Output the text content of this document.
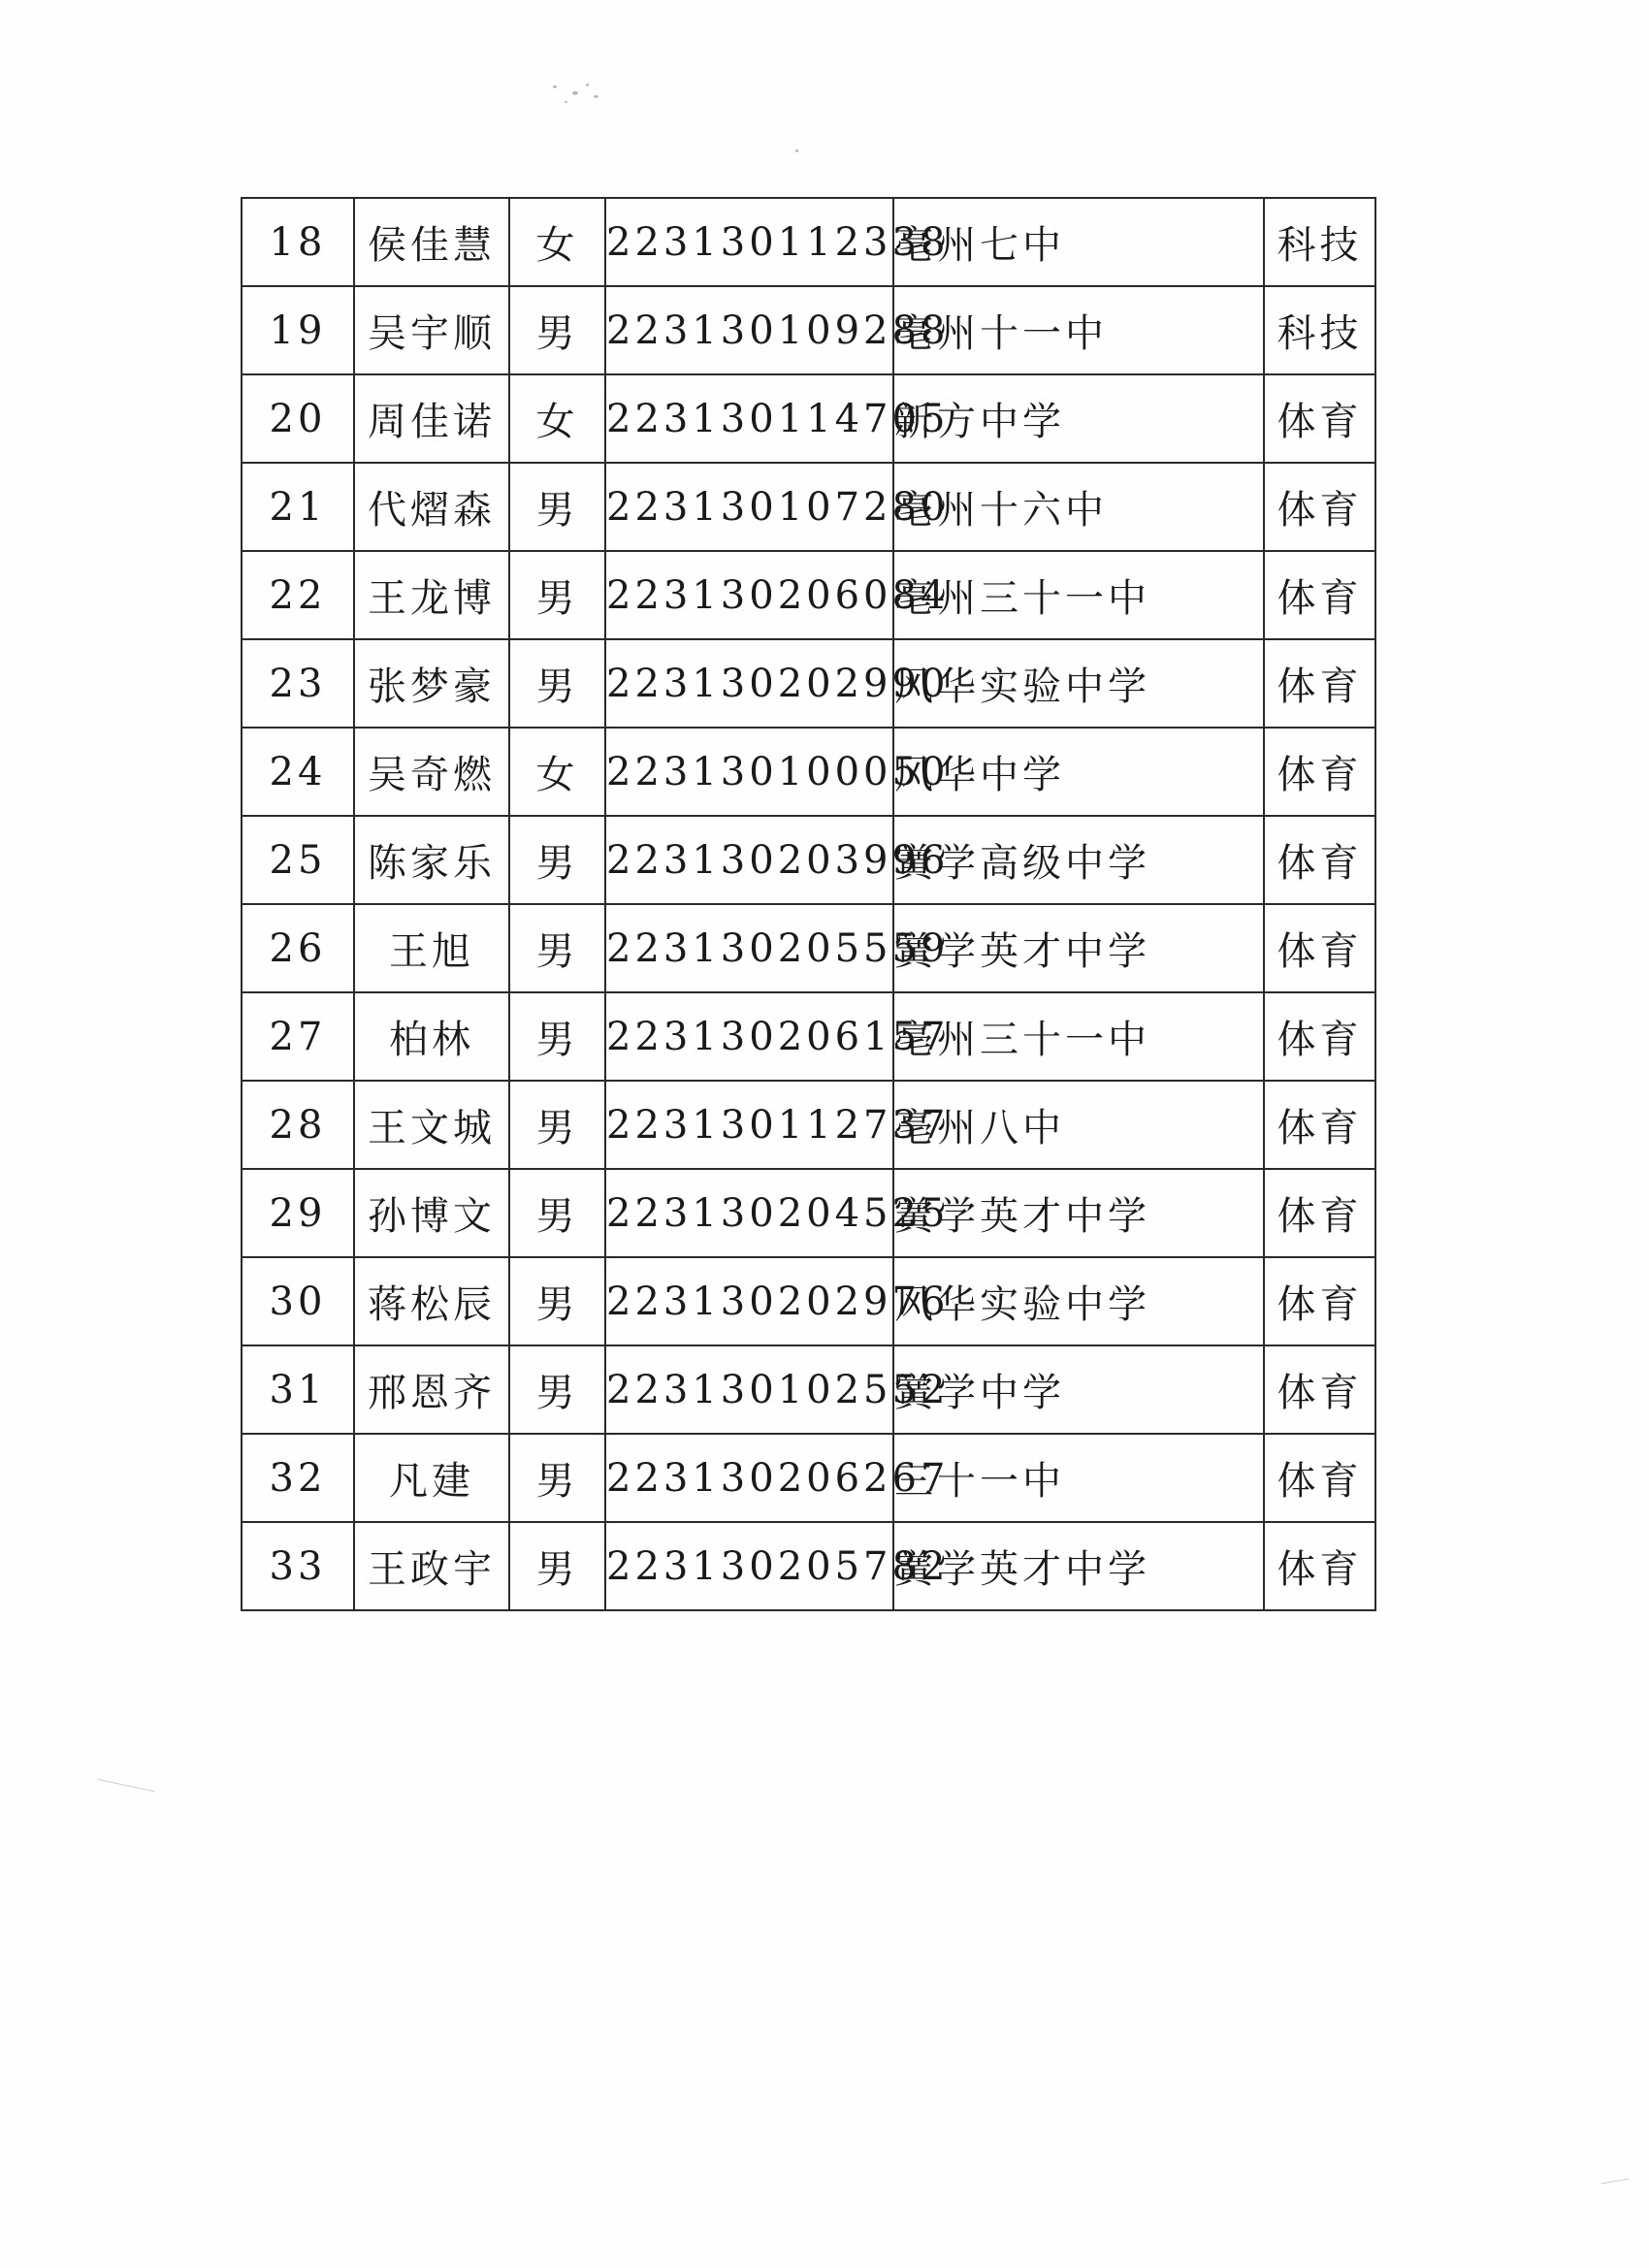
18	侯佳慧	女	223130112338	亳州七中	科技
19	吴宇顺	男	223130109288	亳州十一中	科技
20	周佳诺	女	223130114705	新方中学	体育
21	代熠森	男	223130107280	亳州十六中	体育
22	王龙博	男	223130206084	亳州三十一中	体育
23	张梦豪	男	223130202990	风华实验中学	体育
24	吴奇燃	女	223130100050	风华中学	体育
25	陈家乐	男	223130203996	黉学高级中学	体育
26	王旭	男	223130205559	黉学英才中学	体育
27	柏林	男	223130206157	亳州三十一中	体育
28	王文城	男	223130112737	亳州八中	体育
29	孙博文	男	223130204525	黉学英才中学	体育
30	蒋松辰	男	223130202976	风华实验中学	体育
31	邢恩齐	男	223130102552	黉学中学	体育
32	凡建	男	223130206267	三十一中	体育
33	王政宇	男	223130205782	黉学英才中学	体育
